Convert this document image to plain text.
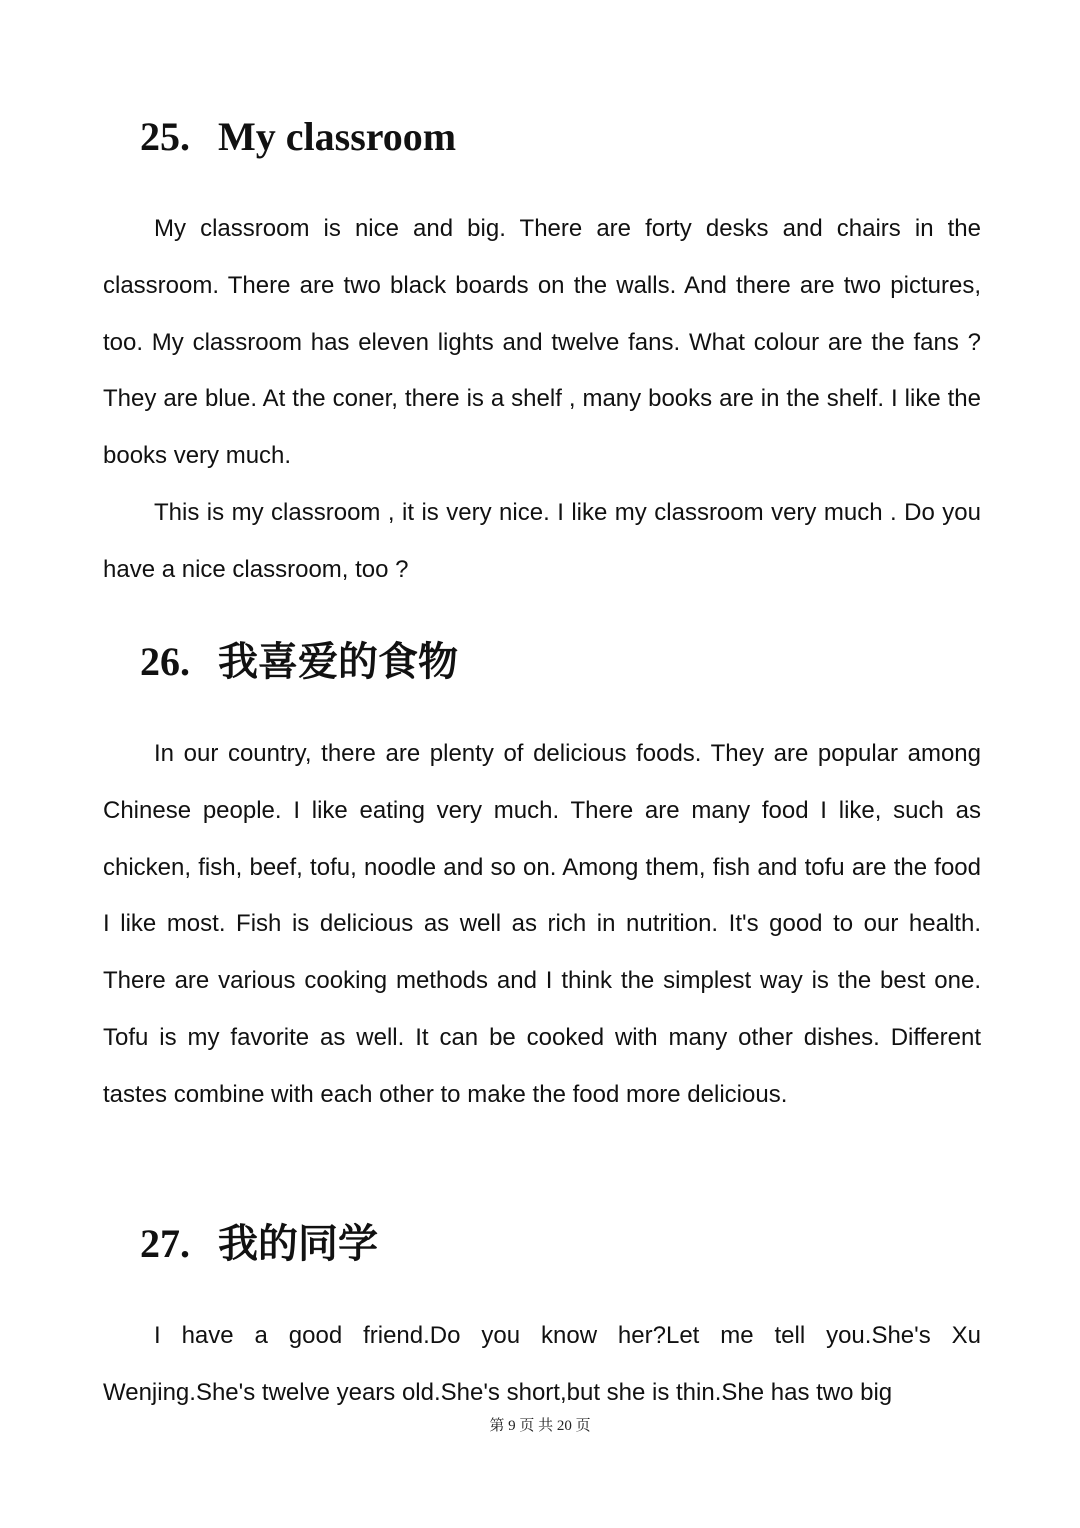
25. My classroom

My classroom is nice and big. There are forty desks and chairs in the classroom. There are two black boards on the walls. And there are two pictures, too. My classroom has eleven lights and twelve fans. What colour are the fans ? They are blue. At the coner, there is a shelf , many books are in the shelf. I like the books very much.

This is my classroom , it is very nice. I like my classroom very much . Do you have a nice classroom, too ?

26. 我喜爱的食物

In our country, there are plenty of delicious foods. They are popular among Chinese people. I like eating very much. There are many food I like, such as chicken, fish, beef, tofu, noodle and so on. Among them, fish and tofu are the food I like most. Fish is delicious as well as rich in nutrition. It's good to our health. There are various cooking methods and I think the simplest way is the best one. Tofu is my favorite as well. It can be cooked with many other dishes. Different tastes combine with each other to make the food more delicious.

27. 我的同学

I have a good friend.Do you know her?Let me tell you.She's Xu Wenjing.She's twelve years old.She's short,but she is thin.She has two big

第 9 页 共 20 页
